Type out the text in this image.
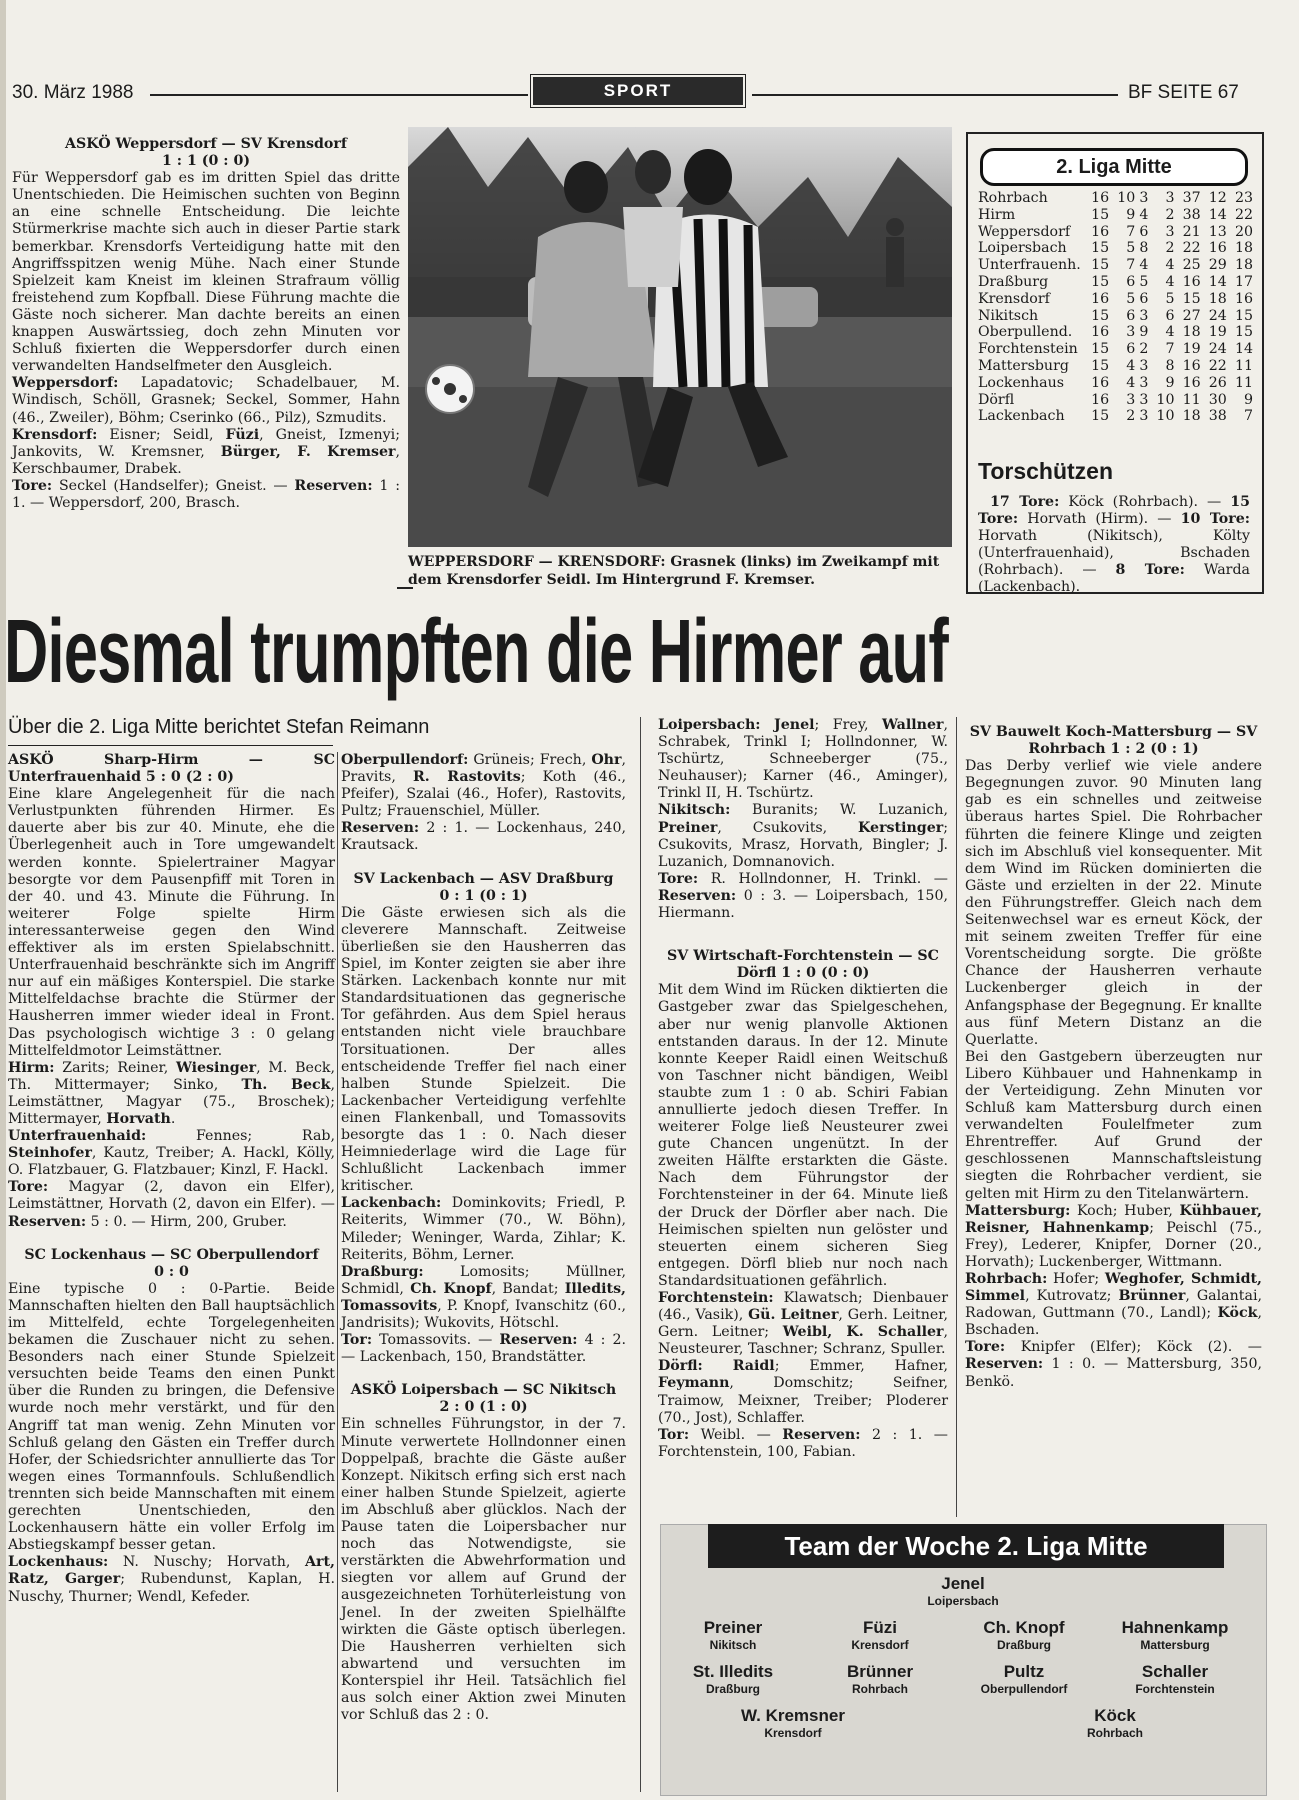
30. März 1988	SPORT	BF SEITE 67

ASKÖ Weppersdorf — SV Krensdorf

1 : 1 (0 : 0)

Für Weppersdorf gab es im dritten Spiel das dritte Unentschieden. Die Heimischen suchten von Beginn an eine schnelle Entscheidung. Die leichte Stürmerkrise machte sich auch in dieser Partie stark bemerkbar. Krensdorfs Verteidigung hatte mit den Angriffsspitzen wenig Mühe. Nach einer Stunde Spielzeit kam Kneist im kleinen Strafraum völlig freistehend zum Kopfball. Diese Führung machte die Gäste noch sicherer. Man dachte bereits an einen knappen Auswärtssieg, doch zehn Minuten vor Schluß fixierten die Weppersdorfer durch einen verwandelten Handselfmeter den Ausgleich.

Weppersdorf: Lapadatovic; Schadelbauer, M. Windisch, Schöll, Grasnek; Seckel, Sommer, Hahn (46., Zweiler), Böhm; Cserinko (66., Pilz), Szmudits.

Krensdorf: Eisner; Seidl, Füzi, Gneist, Izmenyi; Jankovits, W. Kremsner, Bürger, F. Kremser, Kerschbaumer, Drabek.

Tore: Seckel (Handselfer); Gneist. — Reserven: 1 : 1. — Weppersdorf, 200, Brasch.

WEPPERSDORF — KRENSDORF: Grasnek (links) im Zweikampf mit dem Krensdorfer Seidl. Im Hintergrund F. Kremser.
2. Liga Mitte
Rohrbach	16	10	3	3	37	12	23
Hirm	15	9	4	2	38	14	22
Weppersdorf	16	7	6	3	21	13	20
Loipersbach	15	5	8	2	22	16	18
Unterfrauenh.	15	7	4	4	25	29	18
Draßburg	15	6	5	4	16	14	17
Krensdorf	16	5	6	5	15	18	16
Nikitsch	15	6	3	6	27	24	15
Oberpullend.	16	3	9	4	18	19	15
Forchtenstein	15	6	2	7	19	24	14
Mattersburg	15	4	3	8	16	22	11
Lockenhaus	16	4	3	9	16	26	11
Dörfl	16	3	3	10	11	30	9
Lackenbach	15	2	3	10	18	38	7
Torschützen
17 Tore: Köck (Rohrbach). — 15 Tore: Horvath (Hirm). — 10 Tore: Horvath (Nikitsch), Költy (Unterfrauenhaid), Bschaden (Rohrbach). — 8 Tore: Warda (Lackenbach).
Diesmal trumpften die Hirmer auf
Über die 2. Liga Mitte berichtet Stefan Reimann

ASKÖ Sharp-Hirm — SC Unterfrauenhaid 5 : 0 (2 : 0)

Eine klare Angelegenheit für die nach Verlustpunkten führenden Hirmer. Es dauerte aber bis zur 40. Minute, ehe die Überlegenheit auch in Tore umgewandelt werden konnte. Spielertrainer Magyar besorgte vor dem Pausenpfiff mit Toren in der 40. und 43. Minute die Führung. In weiterer Folge spielte Hirm interessanterweise gegen den Wind effektiver als im ersten Spielabschnitt. Unterfrauenhaid beschränkte sich im Angriff nur auf ein mäßiges Konterspiel. Die starke Mittelfeldachse brachte die Stürmer der Hausherren immer wieder ideal in Front. Das psychologisch wichtige 3 : 0 gelang Mittelfeldmotor Leimstättner.

Hirm: Zarits; Reiner, Wiesinger, M. Beck, Th. Mittermayer; Sinko, Th. Beck, Leimstättner, Magyar (75., Broschek); Mittermayer, Horvath.

Unterfrauenhaid: Fennes; Rab, Steinhofer, Kautz, Treiber; A. Hackl, Kölly, O. Flatzbauer, G. Flatzbauer; Kinzl, F. Hackl.

Tore: Magyar (2, davon ein Elfer), Leimstättner, Horvath (2, davon ein Elfer). — Reserven: 5 : 0. — Hirm, 200, Gruber.

SC Lockenhaus — SC Oberpullendorf

0 : 0

Eine typische 0 : 0-Partie. Beide Mannschaften hielten den Ball hauptsächlich im Mittelfeld, echte Torgelegenheiten bekamen die Zuschauer nicht zu sehen. Besonders nach einer Stunde Spielzeit versuchten beide Teams den einen Punkt über die Runden zu bringen, die Defensive wurde noch mehr verstärkt, und für den Angriff tat man wenig. Zehn Minuten vor Schluß gelang den Gästen ein Treffer durch Hofer, der Schiedsrichter annullierte das Tor wegen eines Tormannfouls. Schlußendlich trennten sich beide Mannschaften mit einem gerechten Unentschieden, den Lockenhausern hätte ein voller Erfolg im Abstiegskampf besser getan.

Lockenhaus: N. Nuschy; Horvath, Art, Ratz, Garger; Rubendunst, Kaplan, H. Nuschy, Thurner; Wendl, Kefeder.

Oberpullendorf: Grüneis; Frech, Ohr, Pravits, R. Rastovits; Koth (46., Pfeifer), Szalai (46., Hofer), Rastovits, Pultz; Frauenschiel, Müller.

Reserven: 2 : 1. — Lockenhaus, 240, Krautsack.

SV Lackenbach — ASV Draßburg

0 : 1 (0 : 1)

Die Gäste erwiesen sich als die cleverere Mannschaft. Zeitweise überließen sie den Hausherren das Spiel, im Konter zeigten sie aber ihre Stärken. Lackenbach konnte nur mit Standardsituationen das gegnerische Tor gefährden. Aus dem Spiel heraus entstanden nicht viele brauchbare Torsituationen. Der alles entscheidende Treffer fiel nach einer halben Stunde Spielzeit. Die Lackenbacher Verteidigung verfehlte einen Flankenball, und Tomassovits besorgte das 1 : 0. Nach dieser Heimniederlage wird die Lage für Schlußlicht Lackenbach immer kritischer.

Lackenbach: Dominkovits; Friedl, P. Reiterits, Wimmer (70., W. Böhn), Mileder; Weninger, Warda, Zihlar; K. Reiterits, Böhm, Lerner.

Draßburg: Lomosits; Müllner, Schmidl, Ch. Knopf, Bandat; Illedits, Tomassovits, P. Knopf, Ivanschitz (60., Jandrisits); Wukovits, Hötschl.

Tor: Tomassovits. — Reserven: 4 : 2. — Lackenbach, 150, Brandstätter.

ASKÖ Loipersbach — SC Nikitsch

2 : 0 (1 : 0)

Ein schnelles Führungstor, in der 7. Minute verwertete Hollndonner einen Doppelpaß, brachte die Gäste außer Konzept. Nikitsch erfing sich erst nach einer halben Stunde Spielzeit, agierte im Abschluß aber glücklos. Nach der Pause taten die Loipersbacher nur noch das Notwendigste, sie verstärkten die Abwehrformation und siegten vor allem auf Grund der ausgezeichneten Torhüterleistung von Jenel. In der zweiten Spielhälfte wirkten die Gäste optisch überlegen. Die Hausherren verhielten sich abwartend und versuchten im Konterspiel ihr Heil. Tatsächlich fiel aus solch einer Aktion zwei Minuten vor Schluß das 2 : 0.

Loipersbach: Jenel; Frey, Wallner, Schrabek, Trinkl I; Hollndonner, W. Tschürtz, Schneeberger (75., Neuhauser); Karner (46., Aminger), Trinkl II, H. Tschürtz.

Nikitsch: Buranits; W. Luzanich, Preiner, Csukovits, Kerstinger; Csukovits, Mrasz, Horvath, Bingler; J. Luzanich, Domnanovich.

Tore: R. Hollndonner, H. Trinkl. — Reserven: 0 : 3. — Loipersbach, 150, Hiermann.

SV Wirtschaft-Forchtenstein — SC Dörfl 1 : 0 (0 : 0)

Mit dem Wind im Rücken diktierten die Gastgeber zwar das Spielgeschehen, aber nur wenig planvolle Aktionen entstanden daraus. In der 12. Minute konnte Keeper Raidl einen Weitschuß von Taschner nicht bändigen, Weibl staubte zum 1 : 0 ab. Schiri Fabian annullierte jedoch diesen Treffer. In weiterer Folge ließ Neusteurer zwei gute Chancen ungenützt. In der zweiten Hälfte erstarkten die Gäste. Nach dem Führungstor der Forchtensteiner in der 64. Minute ließ der Druck der Dörfler aber nach. Die Heimischen spielten nun gelöster und steuerten einem sicheren Sieg entgegen. Dörfl blieb nur noch nach Standardsituationen gefährlich.

Forchtenstein: Klawatsch; Dienbauer (46., Vasik), Gü. Leitner, Gerh. Leitner, Gern. Leitner; Weibl, K. Schaller, Neusteurer, Taschner; Schranz, Spuller.

Dörfl: Raidl; Emmer, Hafner, Feymann, Domschitz; Seifner, Traimow, Meixner, Treiber; Ploderer (70., Jost), Schlaffer.

Tor: Weibl. — Reserven: 2 : 1. — Forchtenstein, 100, Fabian.

SV Bauwelt Koch-Mattersburg — SV Rohrbach 1 : 2 (0 : 1)

Das Derby verlief wie viele andere Begegnungen zuvor. 90 Minuten lang gab es ein schnelles und zeitweise überaus hartes Spiel. Die Rohrbacher führten die feinere Klinge und zeigten sich im Abschluß viel konsequenter. Mit dem Wind im Rücken dominierten die Gäste und erzielten in der 22. Minute den Führungstreffer. Gleich nach dem Seitenwechsel war es erneut Köck, der mit seinem zweiten Treffer für eine Vorentscheidung sorgte. Die größte Chance der Hausherren verhaute Luckenberger gleich in der Anfangsphase der Begegnung. Er knallte aus fünf Metern Distanz an die Querlatte.

Bei den Gastgebern überzeugten nur Libero Kühbauer und Hahnenkamp in der Verteidigung. Zehn Minuten vor Schluß kam Mattersburg durch einen verwandelten Foulelfmeter zum Ehrentreffer. Auf Grund der geschlossenen Mannschaftsleistung siegten die Rohrbacher verdient, sie gelten mit Hirm zu den Titelanwärtern.

Mattersburg: Koch; Huber, Kühbauer, Reisner, Hahnenkamp; Peischl (75., Frey), Lederer, Knipfer, Dorner (20., Horvath); Luckenberger, Wittmann.

Rohrbach: Hofer; Weghofer, Schmidt, Simmel, Kutrovatz; Brünner, Galantai, Radowan, Guttmann (70., Landl); Köck, Bschaden.

Tore: Knipfer (Elfer); Köck (2). — Reserven: 1 : 0. — Mattersburg, 350, Benkö.

Team der Woche 2. Liga Mitte
Jenel
Loipersbach
Preiner
Nikitsch
Füzi
Krensdorf
Ch. Knopf
Draßburg
Hahnenkamp
Mattersburg
St. Illedits
Draßburg
Brünner
Rohrbach
Pultz
Oberpullendorf
Schaller
Forchtenstein
W. Kremsner
Krensdorf
Köck
Rohrbach
